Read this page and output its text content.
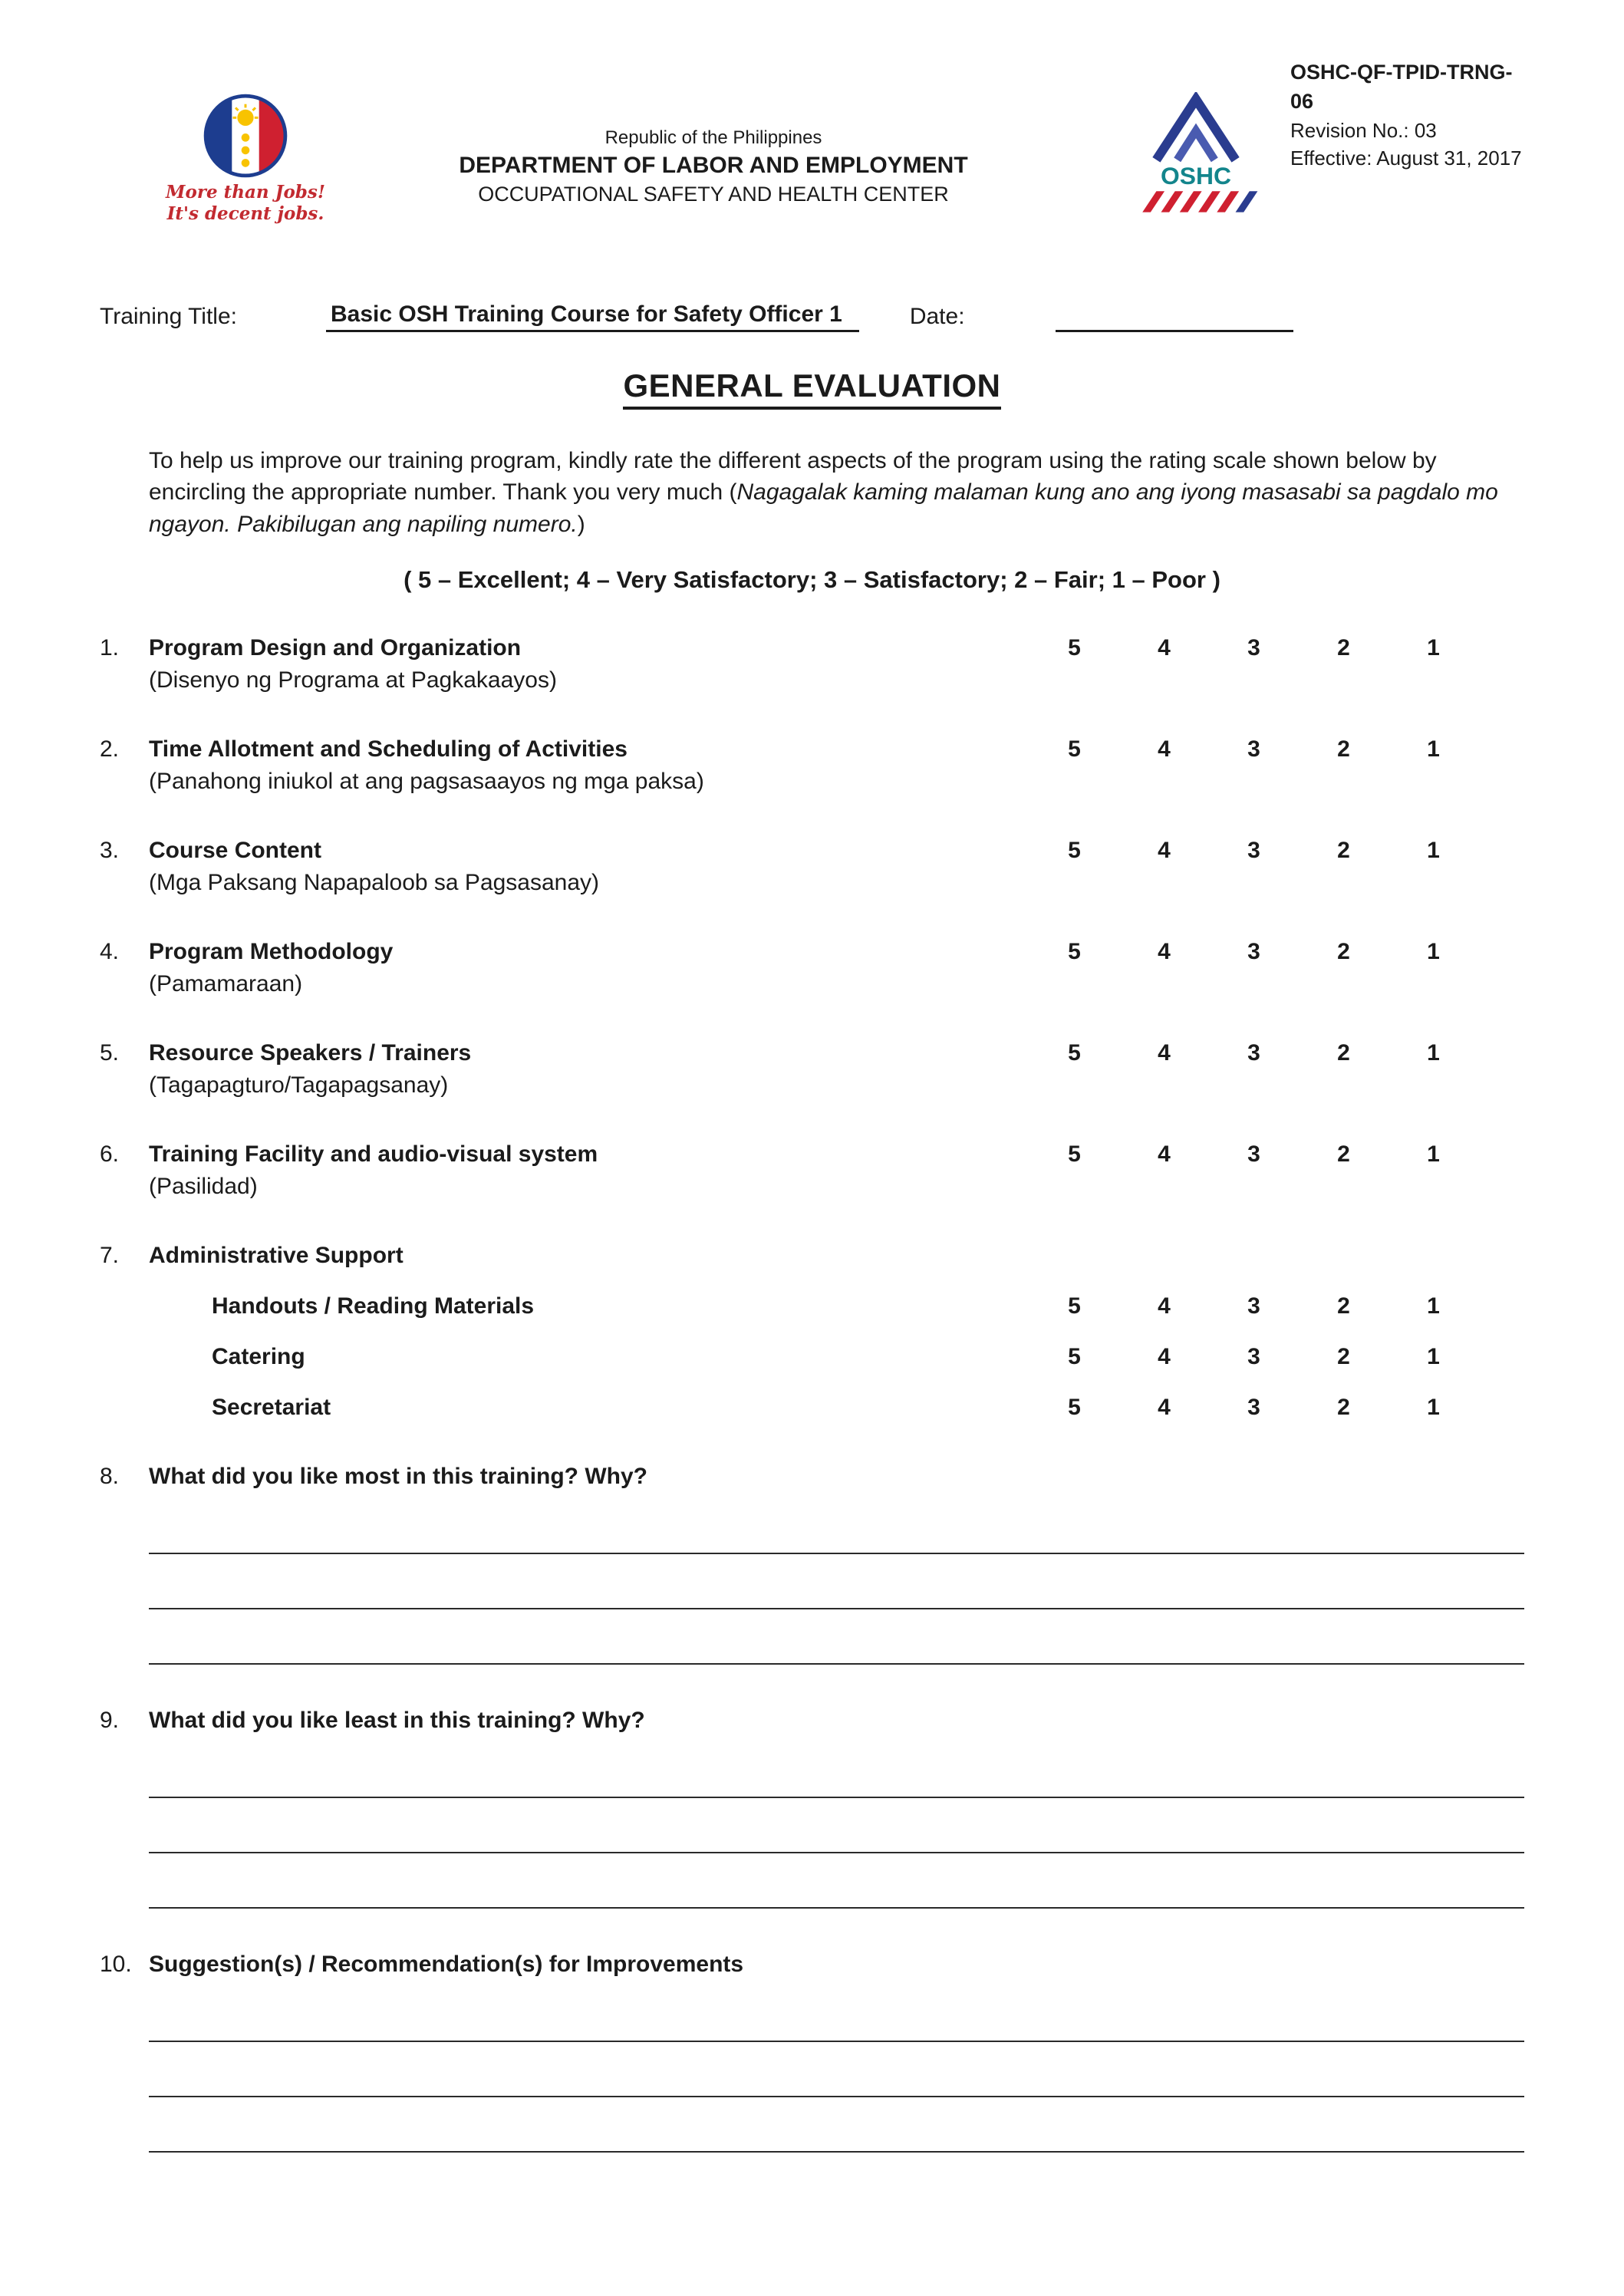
More than Jobs!
It's decent jobs.
Republic of the Philippines
DEPARTMENT OF LABOR AND EMPLOYMENT
OCCUPATIONAL SAFETY AND HEALTH CENTER
OSHC
OSHC-QF-TPID-TRNG-06
Revision No.: 03
Effective: August 31, 2017
Training Title:	Basic OSH Training Course for Safety Officer 1	Date:
GENERAL EVALUATION

To help us improve our training program, kindly rate the different aspects of the program using the rating scale shown below by encircling the appropriate number. Thank you very much (Nagagalak kaming malaman kung ano ang iyong masasabi sa pagdalo mo ngayon. Pakibilugan ang napiling numero.)

( 5 – Excellent; 4 – Very Satisfactory; 3 – Satisfactory; 2 – Fair; 1 – Poor )
1.	Program Design and Organization	5	4	3	2	1
(Disenyo ng Programa at Pagkakaayos)
2.	Time Allotment and Scheduling of Activities	5	4	3	2	1
(Panahong iniukol at ang pagsasaayos ng mga paksa)
3.	Course Content	5	4	3	2	1
(Mga Paksang Napapaloob sa Pagsasanay)
4.	Program Methodology	5	4	3	2	1
(Pamamaraan)
5.	Resource Speakers / Trainers	5	4	3	2	1
(Tagapagturo/Tagapagsanay)
6.	Training Facility and audio-visual system	5	4	3	2	1
(Pasilidad)
7.	Administrative Support
Handouts / Reading Materials	5	4	3	2	1
Catering	5	4	3	2	1
Secretariat	5	4	3	2	1
8.	What did you like most in this training? Why?
9.	What did you like least in this training? Why?
10. Suggestion(s) / Recommendation(s) for Improvements
